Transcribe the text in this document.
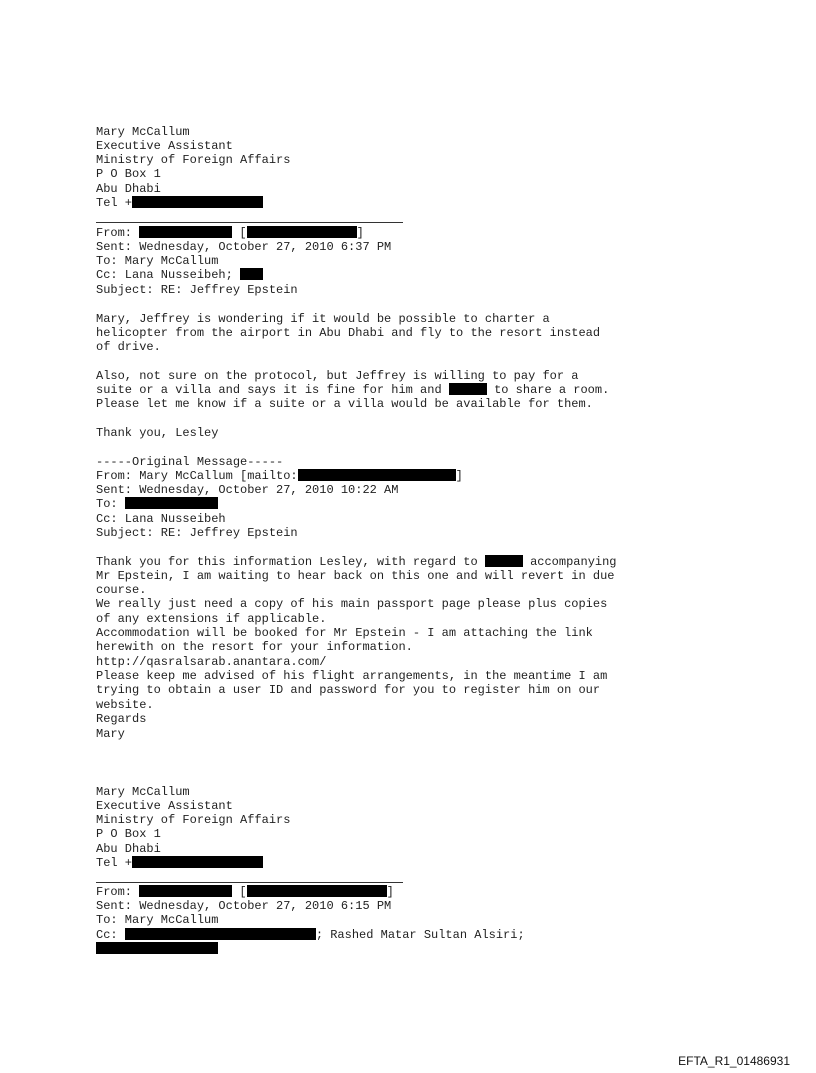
Mary McCallum
Executive Assistant
Ministry of Foreign Affairs
P O Box 1
Abu Dhabi
Tel +
From:	[	]
Sent: Wednesday, October 27, 2010 6:37 PM
To: Mary McCallum
Cc: Lana Nusseibeh;
Subject: RE: Jeffrey Epstein
Mary, Jeffrey is wondering if it would be possible to charter a
helicopter from the airport in Abu Dhabi and fly to the resort instead
of drive.
Also, not sure on the protocol, but Jeffrey is willing to pay for a
suite or a villa and says it is fine for him and	to share a room.
Please let me know if a suite or a villa would be available for them.
Thank you, Lesley
-----Original Message-----
From: Mary McCallum [mailto:	]
Sent: Wednesday, October 27, 2010 10:22 AM
To:
Cc: Lana Nusseibeh
Subject: RE: Jeffrey Epstein
Thank you for this information Lesley, with regard to	accompanying
Mr Epstein, I am waiting to hear back on this one and will revert in due
course.
We really just need a copy of his main passport page please plus copies
of any extensions if applicable.
Accommodation will be booked for Mr Epstein - I am attaching the link
herewith on the resort for your information.
http://qasralsarab.anantara.com/
Please keep me advised of his flight arrangements, in the meantime I am
trying to obtain a user ID and password for you to register him on our
website.
Regards
Mary
Mary McCallum
Executive Assistant
Ministry of Foreign Affairs
P O Box 1
Abu Dhabi
Tel +
From:	[	]
Sent: Wednesday, October 27, 2010 6:15 PM
To: Mary McCallum
Cc:	; Rashed Matar Sultan Alsiri;
EFTA_R1_01486931
